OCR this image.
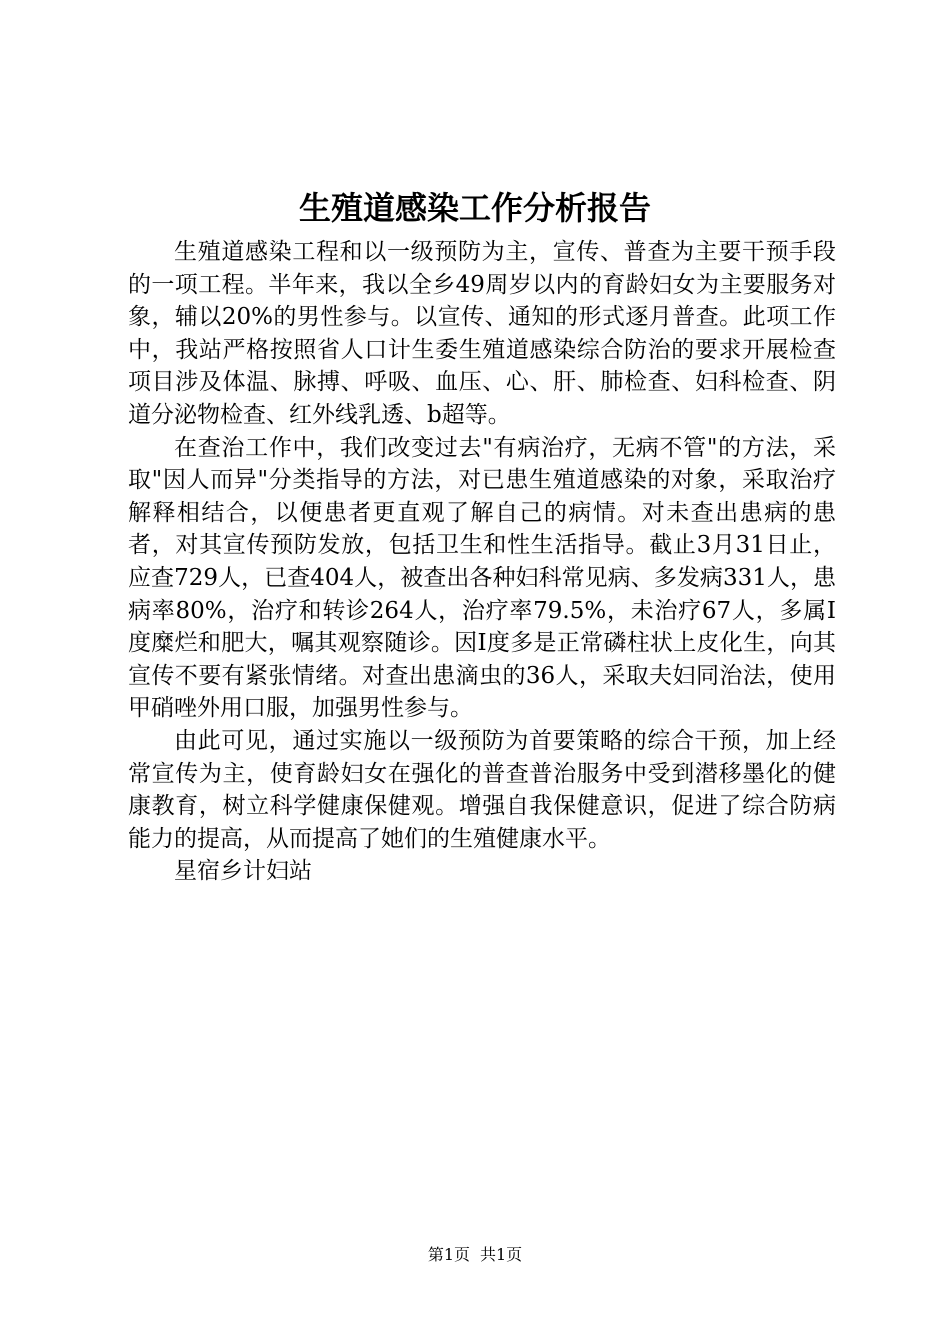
生殖道感染工作分析报告

生殖道感染工程和以一级预防为主，宣传、普查为主要干预手段的一项工程。半年来，我以全乡49周岁以内的育龄妇女为主要服务对象，辅以20%的男性参与。以宣传、通知的形式逐月普查。此项工作中，我站严格按照省人口计生委生殖道感染综合防治的要求开展检查项目涉及体温、脉搏、呼吸、血压、心、肝、肺检查、妇科检查、阴道分泌物检查、红外线乳透、b超等。

在查治工作中，我们改变过去"有病治疗，无病不管"的方法，采取"因人而异"分类指导的方法，对已患生殖道感染的对象，采取治疗解释相结合，以便患者更直观了解自己的病情。对未查出患病的患者，对其宣传预防发放，包括卫生和性生活指导。截止3月31日止，应查729人，已查404人，被查出各种妇科常见病、多发病331人，患病率80%，治疗和转诊264人，治疗率79.5%，未治疗67人，多属Ⅰ度糜烂和肥大，嘱其观察随诊。因Ⅰ度多是正常磷柱状上皮化生，向其宣传不要有紧张情绪。对查出患滴虫的36人，采取夫妇同治法，使用甲硝唑外用口服，加强男性参与。

由此可见，通过实施以一级预防为首要策略的综合干预，加上经常宣传为主，使育龄妇女在强化的普查普治服务中受到潜移墨化的健康教育，树立科学健康保健观。增强自我保健意识，促进了综合防病能力的提高，从而提高了她们的生殖健康水平。

星宿乡计妇站

第1页 共1页
